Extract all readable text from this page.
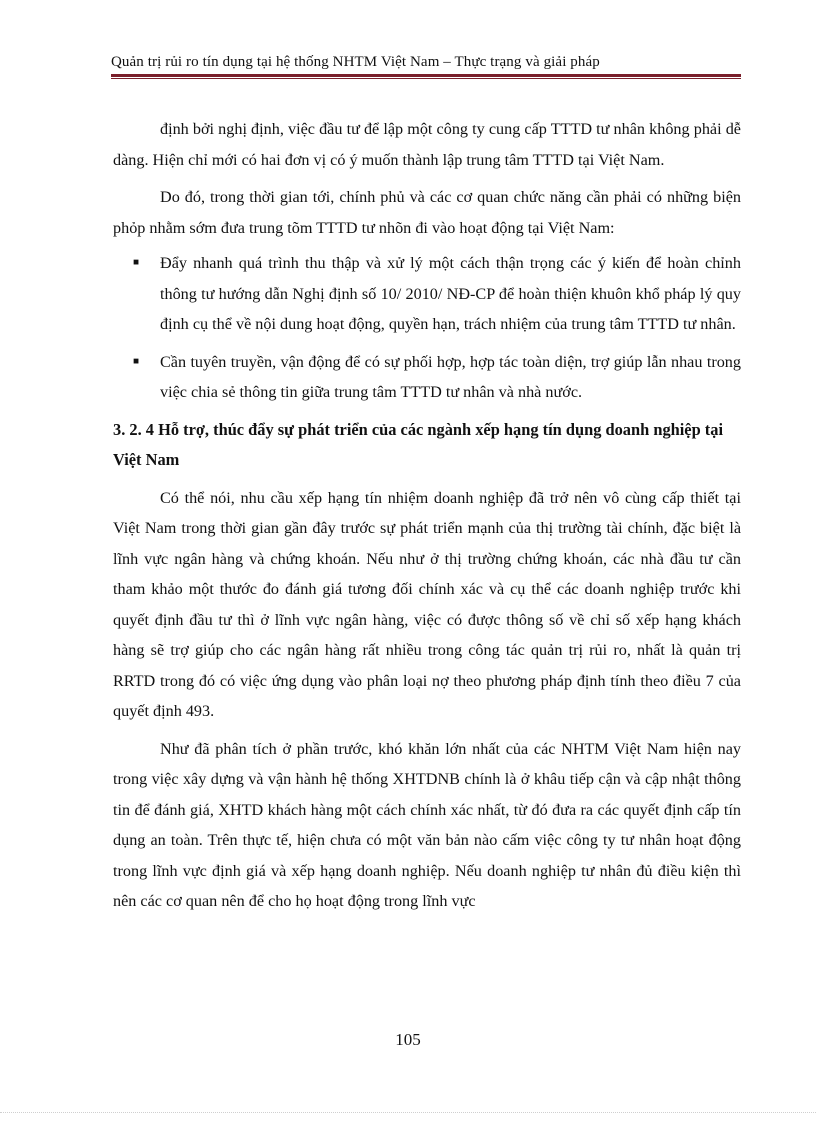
Quản trị rủi ro tín dụng tại hệ thống NHTM Việt Nam – Thực trạng và giải pháp

định bởi nghị định, việc đầu tư để lập một công ty cung cấp TTTD tư nhân không phải dễ dàng. Hiện chỉ mới có hai đơn vị có ý muốn thành lập trung tâm TTTD tại Việt Nam.

Do đó, trong thời gian tới, chính phủ và các cơ quan chức năng cần phải có những biện phỏp nhằm sớm đưa trung tõm TTTD tư nhõn đi vào hoạt động tại Việt Nam:

■ Đẩy nhanh quá trình thu thập và xử lý một cách thận trọng các ý kiến để hoàn chỉnh thông tư hướng dẫn Nghị định số 10/ 2010/ NĐ-CP để hoàn thiện khuôn khổ pháp lý quy định cụ thể về nội dung hoạt động, quyền hạn, trách nhiệm của trung tâm TTTD tư nhân.
■ Cần tuyên truyền, vận động để có sự phối hợp, hợp tác toàn diện, trợ giúp lẫn nhau trong việc chia sẻ thông tin giữa trung tâm TTTD tư nhân và nhà nước.

3. 2. 4 Hỗ trợ, thúc đẩy sự phát triển của các ngành xếp hạng tín dụng doanh nghiệp tại Việt Nam

Có thể nói, nhu cầu xếp hạng tín nhiệm doanh nghiệp đã trở nên vô cùng cấp thiết tại Việt Nam trong thời gian gần đây trước sự phát triển mạnh của thị trường tài chính, đặc biệt là lĩnh vực ngân hàng và chứng khoán. Nếu như ở thị trường chứng khoán, các nhà đầu tư cần tham khảo một thước đo đánh giá tương đối chính xác và cụ thể các doanh nghiệp trước khi quyết định đầu tư thì ở lĩnh vực ngân hàng, việc có được thông số về chỉ số xếp hạng khách hàng sẽ trợ giúp cho các ngân hàng rất nhiều trong công tác quản trị rủi ro, nhất là quản trị RRTD trong đó có việc ứng dụng vào phân loại nợ theo phương pháp định tính theo điều 7 của quyết định 493.

Như đã phân tích ở phần trước, khó khăn lớn nhất của các NHTM Việt Nam hiện nay trong việc xây dựng và vận hành hệ thống XHTDNB chính là ở khâu tiếp cận và cập nhật thông tin để đánh giá, XHTD khách hàng một cách chính xác nhất, từ đó đưa ra các quyết định cấp tín dụng an toàn. Trên thực tế, hiện chưa có một văn bản nào cấm việc công ty tư nhân hoạt động trong lĩnh vực định giá và xếp hạng doanh nghiệp. Nếu doanh nghiệp tư nhân đủ điều kiện thì nên các cơ quan nên để cho họ hoạt động trong lĩnh vực

105
